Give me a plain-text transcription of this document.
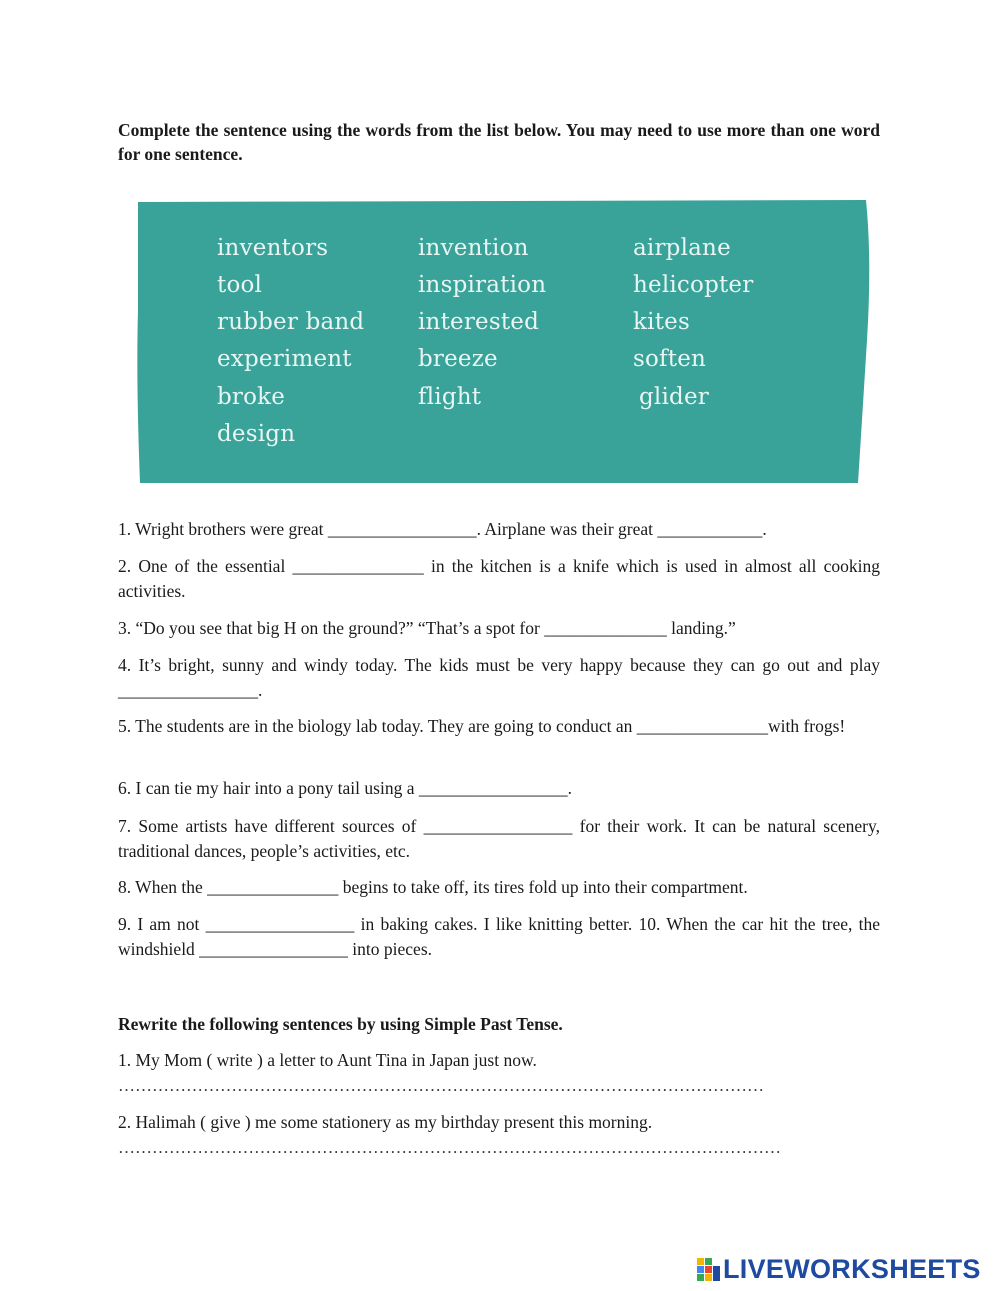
Complete the sentence using the words from the list below. You may need to use more than one word for one sentence.
inventors
tool
rubber band
experiment
broke
design
invention
inspiration
interested
breeze
flight
airplane
helicopter
kites
soften
glider
1. Wright brothers were great _________________. Airplane was their great ____________.
2. One of the essential _______________ in the kitchen is a knife which is used in almost all cooking activities.
3. “Do you see that big H on the ground?” “That’s a spot for ______________ landing.”
4. It’s bright, sunny and windy today. The kids must be very happy because they can go out and play ________________.
5. The students are in the biology lab today. They are going to conduct an _______________with frogs!
6. I can tie my hair into a pony tail using a _________________.
7. Some artists have different sources of _________________ for their work. It can be natural scenery, traditional dances, people’s activities, etc.
8. When the _______________ begins to take off, its tires fold up into their compartment.
9. I am not _________________ in baking cakes. I like knitting better. 10. When the car hit the tree, the windshield _________________ into pieces.
Rewrite the following sentences by using Simple Past Tense.
1. My Mom ( write ) a letter to Aunt Tina in Japan just now.
……………………………………………………………………………………………………
2. Halimah ( give ) me some stationery as my birthday present this morning.
………………………………………………………………………………………………………
LIVEWORKSHEETS
